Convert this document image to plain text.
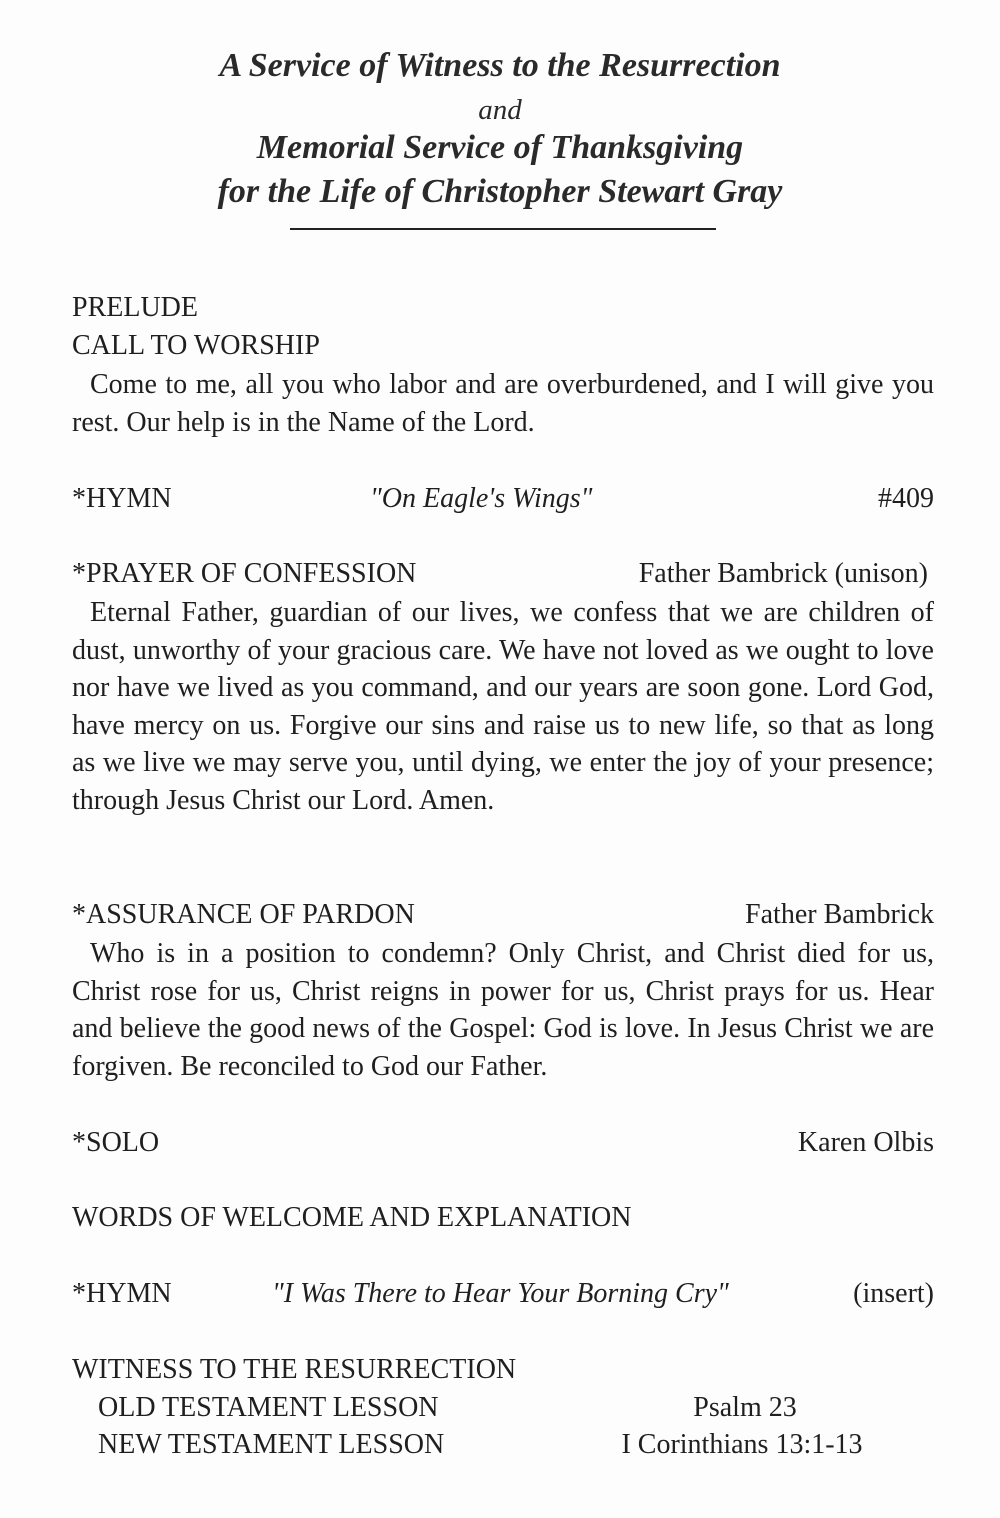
A Service of Witness to the Resurrection

and

Memorial Service of Thanksgiving
for the Life of Christopher Stewart Gray

PRELUDE

CALL TO WORSHIP

Come to me, all you who labor and are overburdened, and I will give you rest. Our help is in the Name of the Lord.

*HYMN	"On Eagle's Wings"	#409

*PRAYER OF CONFESSION	Father Bambrick (unison)

Eternal Father, guardian of our lives, we confess that we are children of dust, unworthy of your gracious care. We have not loved as we ought to love nor have we lived as you command, and our years are soon gone. Lord God, have mercy on us. Forgive our sins and raise us to new life, so that as long as we live we may serve you, until dying, we enter the joy of your presence; through Jesus Christ our Lord. Amen.

*ASSURANCE OF PARDON	Father Bambrick

Who is in a position to condemn? Only Christ, and Christ died for us, Christ rose for us, Christ reigns in power for us, Christ prays for us. Hear and believe the good news of the Gospel: God is love. In Jesus Christ we are forgiven. Be reconciled to God our Father.

*SOLO	Karen Olbis

WORDS OF WELCOME AND EXPLANATION

*HYMN	"I Was There to Hear Your Borning Cry"	(insert)

WITNESS TO THE RESURRECTION

OLD TESTAMENT LESSON	Psalm 23

NEW TESTAMENT LESSON	I Corinthians 13:1-13
